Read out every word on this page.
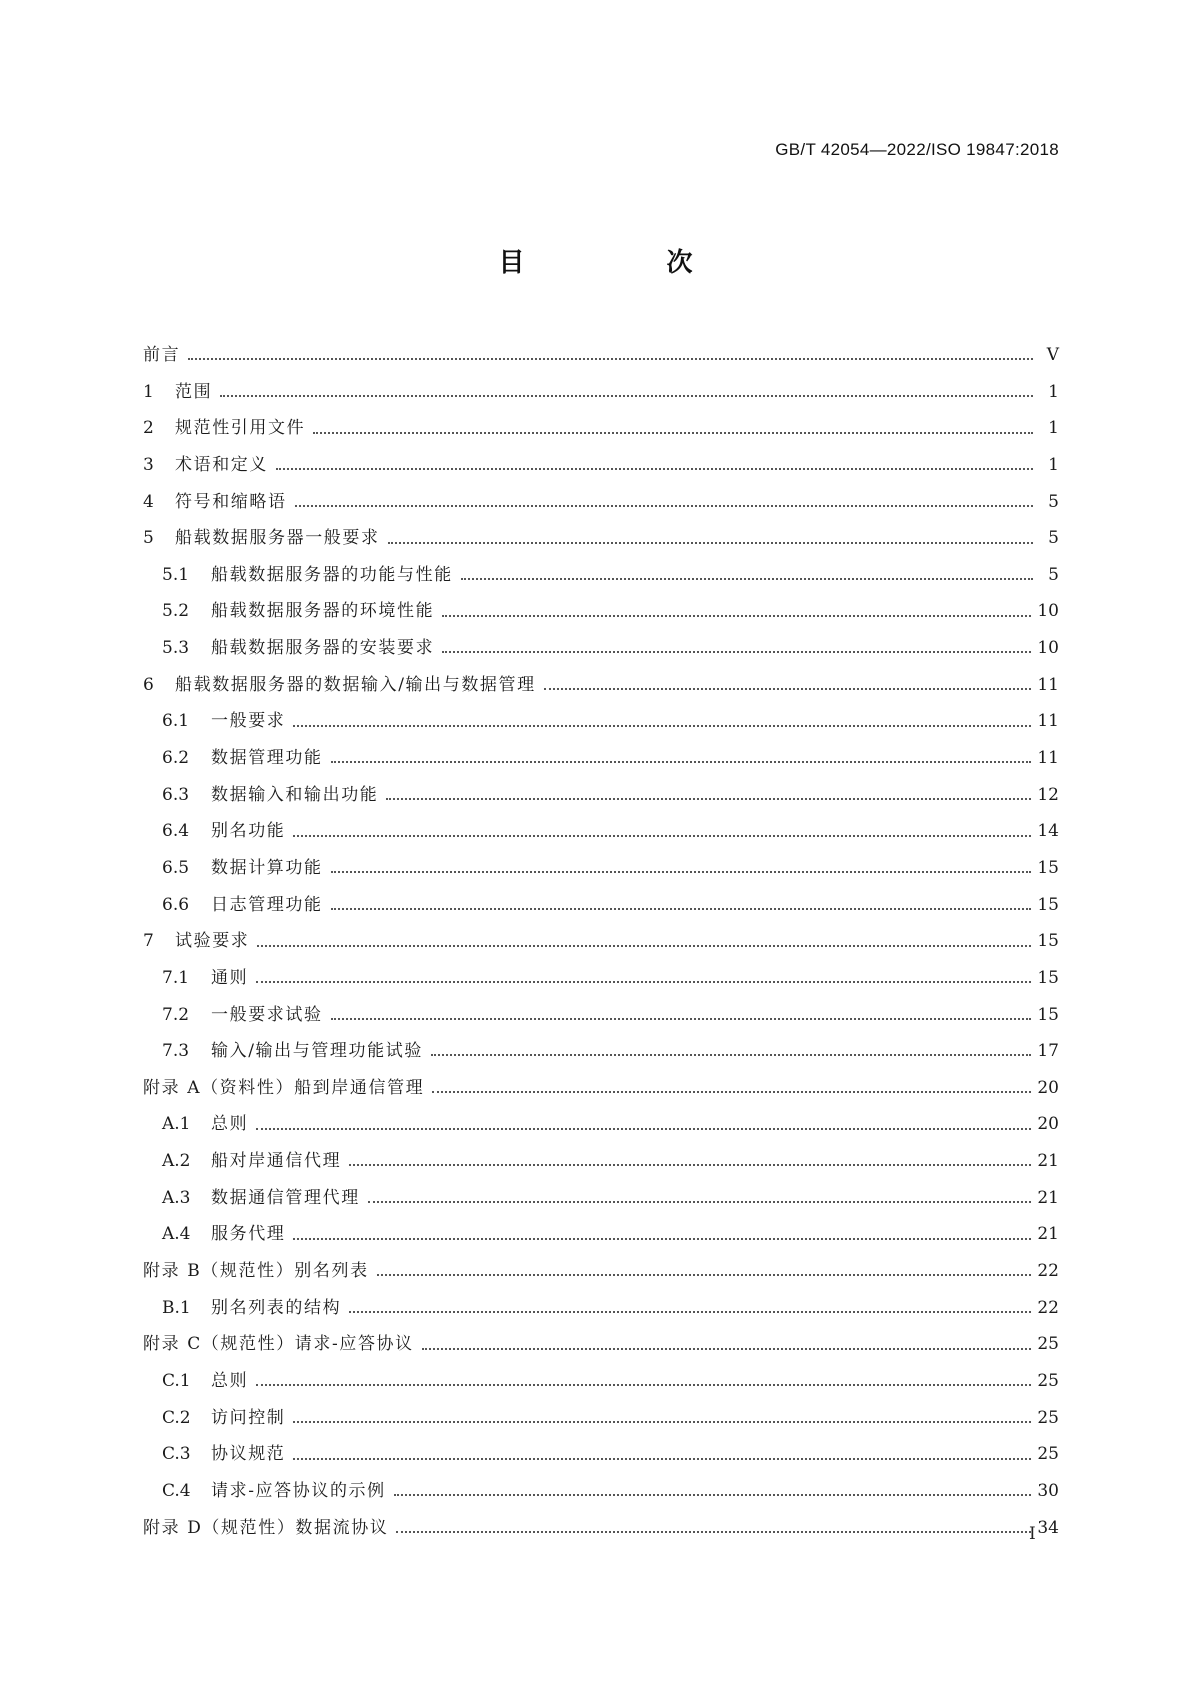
GB/T 42054—2022/ISO 19847:2018
目　次
前言	V
1 范围	1
2 规范性引用文件	1
3 术语和定义	1
4 符号和缩略语	5
5 船载数据服务器一般要求	5
5.1 船载数据服务器的功能与性能	5
5.2 船载数据服务器的环境性能	10
5.3 船载数据服务器的安装要求	10
6 船载数据服务器的数据输入/输出与数据管理	11
6.1 一般要求	11
6.2 数据管理功能	11
6.3 数据输入和输出功能	12
6.4 别名功能	14
6.5 数据计算功能	15
6.6 日志管理功能	15
7 试验要求	15
7.1 通则	15
7.2 一般要求试验	15
7.3 输入/输出与管理功能试验	17
附录 A（资料性）船到岸通信管理	20
A.1 总则	20
A.2 船对岸通信代理	21
A.3 数据通信管理代理	21
A.4 服务代理	21
附录 B（规范性）别名列表	22
B.1 别名列表的结构	22
附录 C（规范性）请求-应答协议	25
C.1 总则	25
C.2 访问控制	25
C.3 协议规范	25
C.4 请求-应答协议的示例	30
附录 D（规范性）数据流协议	34
I
